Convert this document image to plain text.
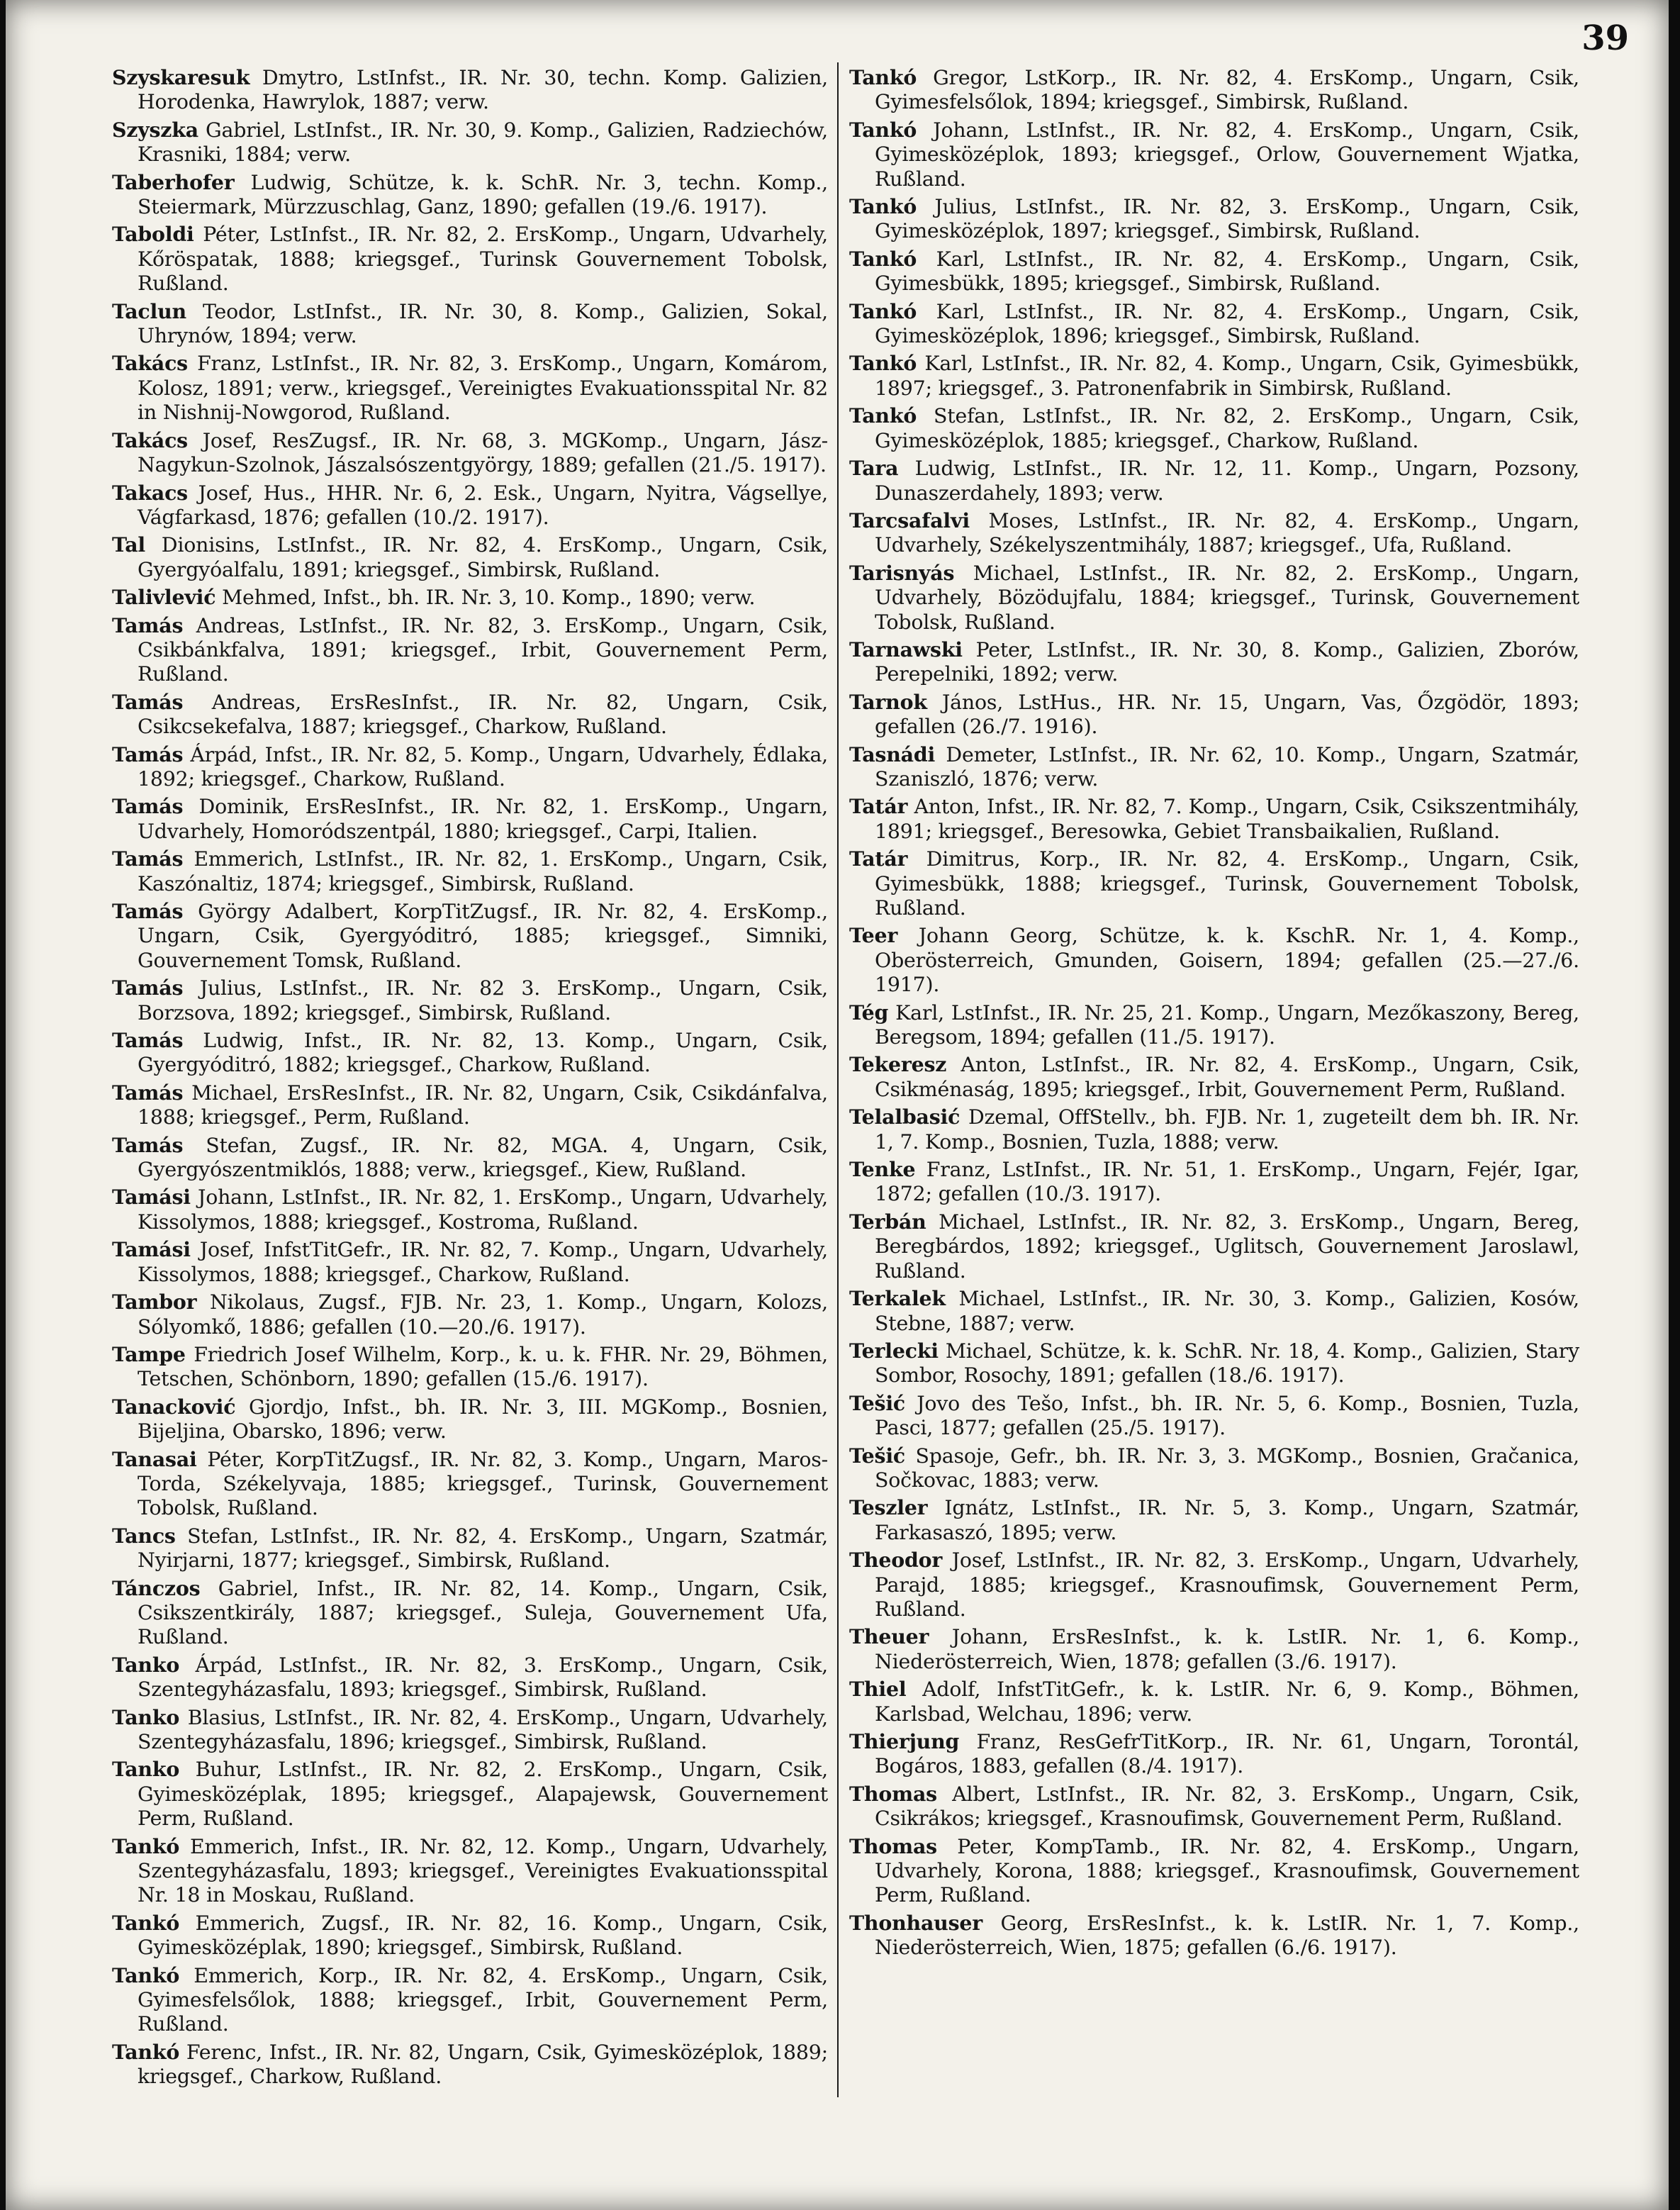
39

Szyskaresuk Dmytro, LstInfst., IR. Nr. 30, techn. Komp. Galizien, Horodenka, Hawrylok, 1887; verw.

Szyszka Gabriel, LstInfst., IR. Nr. 30, 9. Komp., Galizien, Radziechów, Krasniki, 1884; verw.

Taberhofer Ludwig, Schütze, k. k. SchR. Nr. 3, techn. Komp., Steiermark, Mürzzuschlag, Ganz, 1890; gefallen (19./6. 1917).

Taboldi Péter, LstInfst., IR. Nr. 82, 2. ErsKomp., Ungarn, Udvarhely, Kőröspatak, 1888; kriegsgef., Turinsk Gouvernement Tobolsk, Rußland.

Taclun Teodor, LstInfst., IR. Nr. 30, 8. Komp., Galizien, Sokal, Uhrynów, 1894; verw.

Takács Franz, LstInfst., IR. Nr. 82, 3. ErsKomp., Ungarn, Komárom, Kolosz, 1891; verw., kriegsgef., Vereinigtes Evakuationsspital Nr. 82 in Nishnij-Nowgorod, Rußland.

Takács Josef, ResZugsf., IR. Nr. 68, 3. MGKomp., Ungarn, Jász-Nagykun-Szolnok, Jászalsószentgyörgy, 1889; gefallen (21./5. 1917).

Takacs Josef, Hus., HHR. Nr. 6, 2. Esk., Ungarn, Nyitra, Vágsellye, Vágfarkasd, 1876; gefallen (10./2. 1917).

Tal Dionisins, LstInfst., IR. Nr. 82, 4. ErsKomp., Ungarn, Csik, Gyergyóalfalu, 1891; kriegsgef., Simbirsk, Rußland.

Talivlević Mehmed, Infst., bh. IR. Nr. 3, 10. Komp., 1890; verw.

Tamás Andreas, LstInfst., IR. Nr. 82, 3. ErsKomp., Ungarn, Csik, Csikbánkfalva, 1891; kriegsgef., Irbit, Gouvernement Perm, Rußland.

Tamás Andreas, ErsResInfst., IR. Nr. 82, Ungarn, Csik, Csikcsekefalva, 1887; kriegsgef., Charkow, Rußland.

Tamás Árpád, Infst., IR. Nr. 82, 5. Komp., Ungarn, Udvarhely, Édlaka, 1892; kriegsgef., Charkow, Rußland.

Tamás Dominik, ErsResInfst., IR. Nr. 82, 1. ErsKomp., Ungarn, Udvarhely, Homoródszentpál, 1880; kriegsgef., Carpi, Italien.

Tamás Emmerich, LstInfst., IR. Nr. 82, 1. ErsKomp., Ungarn, Csik, Kaszónaltiz, 1874; kriegsgef., Simbirsk, Rußland.

Tamás György Adalbert, KorpTitZugsf., IR. Nr. 82, 4. ErsKomp., Ungarn, Csik, Gyergyóditró, 1885; kriegsgef., Simniki, Gouvernement Tomsk, Rußland.

Tamás Julius, LstInfst., IR. Nr. 82 3. ErsKomp., Ungarn, Csik, Borzsova, 1892; kriegsgef., Simbirsk, Rußland.

Tamás Ludwig, Infst., IR. Nr. 82, 13. Komp., Ungarn, Csik, Gyergyóditró, 1882; kriegsgef., Charkow, Rußland.

Tamás Michael, ErsResInfst., IR. Nr. 82, Ungarn, Csik, Csikdánfalva, 1888; kriegsgef., Perm, Rußland.

Tamás Stefan, Zugsf., IR. Nr. 82, MGA. 4, Ungarn, Csik, Gyergyószentmiklós, 1888; verw., kriegsgef., Kiew, Rußland.

Tamási Johann, LstInfst., IR. Nr. 82, 1. ErsKomp., Ungarn, Udvarhely, Kissolymos, 1888; kriegsgef., Kostroma, Rußland.

Tamási Josef, InfstTitGefr., IR. Nr. 82, 7. Komp., Ungarn, Udvarhely, Kissolymos, 1888; kriegsgef., Charkow, Rußland.

Tambor Nikolaus, Zugsf., FJB. Nr. 23, 1. Komp., Ungarn, Kolozs, Sólyomkő, 1886; gefallen (10.—20./6. 1917).

Tampe Friedrich Josef Wilhelm, Korp., k. u. k. FHR. Nr. 29, Böhmen, Tetschen, Schönborn, 1890; gefallen (15./6. 1917).

Tanacković Gjordjo, Infst., bh. IR. Nr. 3, III. MGKomp., Bosnien, Bijeljina, Obarsko, 1896; verw.

Tanasai Péter, KorpTitZugsf., IR. Nr. 82, 3. Komp., Ungarn, Maros-Torda, Székelyvaja, 1885; kriegsgef., Turinsk, Gouvernement Tobolsk, Rußland.

Tancs Stefan, LstInfst., IR. Nr. 82, 4. ErsKomp., Ungarn, Szatmár, Nyirjarni, 1877; kriegsgef., Simbirsk, Rußland.

Tánczos Gabriel, Infst., IR. Nr. 82, 14. Komp., Ungarn, Csik, Csikszentkirály, 1887; kriegsgef., Suleja, Gouvernement Ufa, Rußland.

Tanko Árpád, LstInfst., IR. Nr. 82, 3. ErsKomp., Ungarn, Csik, Szentegyházasfalu, 1893; kriegsgef., Simbirsk, Rußland.

Tanko Blasius, LstInfst., IR. Nr. 82, 4. ErsKomp., Ungarn, Udvarhely, Szentegyházasfalu, 1896; kriegsgef., Simbirsk, Rußland.

Tanko Buhur, LstInfst., IR. Nr. 82, 2. ErsKomp., Ungarn, Csik, Gyimesközéplak, 1895; kriegsgef., Alapajewsk, Gouvernement Perm, Rußland.

Tankó Emmerich, Infst., IR. Nr. 82, 12. Komp., Ungarn, Udvarhely, Szentegyházasfalu, 1893; kriegsgef., Vereinigtes Evakuationsspital Nr. 18 in Moskau, Rußland.

Tankó Emmerich, Zugsf., IR. Nr. 82, 16. Komp., Ungarn, Csik, Gyimesközéplak, 1890; kriegsgef., Simbirsk, Rußland.

Tankó Emmerich, Korp., IR. Nr. 82, 4. ErsKomp., Ungarn, Csik, Gyimesfelsőlok, 1888; kriegsgef., Irbit, Gouvernement Perm, Rußland.

Tankó Ferenc, Infst., IR. Nr. 82, Ungarn, Csik, Gyimesközéplok, 1889; kriegsgef., Charkow, Rußland.

Tankó Gregor, LstKorp., IR. Nr. 82, 4. ErsKomp., Ungarn, Csik, Gyimesfelsőlok, 1894; kriegsgef., Simbirsk, Rußland.

Tankó Johann, LstInfst., IR. Nr. 82, 4. ErsKomp., Ungarn, Csik, Gyimesközéplok, 1893; kriegsgef., Orlow, Gouvernement Wjatka, Rußland.

Tankó Julius, LstInfst., IR. Nr. 82, 3. ErsKomp., Ungarn, Csik, Gyimesközéplok, 1897; kriegsgef., Simbirsk, Rußland.

Tankó Karl, LstInfst., IR. Nr. 82, 4. ErsKomp., Ungarn, Csik, Gyimesbükk, 1895; kriegsgef., Simbirsk, Rußland.

Tankó Karl, LstInfst., IR. Nr. 82, 4. ErsKomp., Ungarn, Csik, Gyimesközéplok, 1896; kriegsgef., Simbirsk, Rußland.

Tankó Karl, LstInfst., IR. Nr. 82, 4. Komp., Ungarn, Csik, Gyimesbükk, 1897; kriegsgef., 3. Patronenfabrik in Simbirsk, Rußland.

Tankó Stefan, LstInfst., IR. Nr. 82, 2. ErsKomp., Ungarn, Csik, Gyimesközéplok, 1885; kriegsgef., Charkow, Rußland.

Tara Ludwig, LstInfst., IR. Nr. 12, 11. Komp., Ungarn, Pozsony, Dunaszerdahely, 1893; verw.

Tarcsafalvi Moses, LstInfst., IR. Nr. 82, 4. ErsKomp., Ungarn, Udvarhely, Székelyszentmihály, 1887; kriegsgef., Ufa, Rußland.

Tarisnyás Michael, LstInfst., IR. Nr. 82, 2. ErsKomp., Ungarn, Udvarhely, Bözödujfalu, 1884; kriegsgef., Turinsk, Gouvernement Tobolsk, Rußland.

Tarnawski Peter, LstInfst., IR. Nr. 30, 8. Komp., Galizien, Zborów, Perepelniki, 1892; verw.

Tarnok János, LstHus., HR. Nr. 15, Ungarn, Vas, Őzgödör, 1893; gefallen (26./7. 1916).

Tasnádi Demeter, LstInfst., IR. Nr. 62, 10. Komp., Ungarn, Szatmár, Szaniszló, 1876; verw.

Tatár Anton, Infst., IR. Nr. 82, 7. Komp., Ungarn, Csik, Csikszentmihály, 1891; kriegsgef., Beresowka, Gebiet Transbaikalien, Rußland.

Tatár Dimitrus, Korp., IR. Nr. 82, 4. ErsKomp., Ungarn, Csik, Gyimesbükk, 1888; kriegsgef., Turinsk, Gouvernement Tobolsk, Rußland.

Teer Johann Georg, Schütze, k. k. KschR. Nr. 1, 4. Komp., Oberösterreich, Gmunden, Goisern, 1894; gefallen (25.—27./6. 1917).

Tég Karl, LstInfst., IR. Nr. 25, 21. Komp., Ungarn, Mezőkaszony, Bereg, Beregsom, 1894; gefallen (11./5. 1917).

Tekeresz Anton, LstInfst., IR. Nr. 82, 4. ErsKomp., Ungarn, Csik, Csikménaság, 1895; kriegsgef., Irbit, Gouvernement Perm, Rußland.

Telalbasić Dzemal, OffStellv., bh. FJB. Nr. 1, zugeteilt dem bh. IR. Nr. 1, 7. Komp., Bosnien, Tuzla, 1888; verw.

Tenke Franz, LstInfst., IR. Nr. 51, 1. ErsKomp., Ungarn, Fejér, Igar, 1872; gefallen (10./3. 1917).

Terbán Michael, LstInfst., IR. Nr. 82, 3. ErsKomp., Ungarn, Bereg, Beregbárdos, 1892; kriegsgef., Uglitsch, Gouvernement Jaroslawl, Rußland.

Terkalek Michael, LstInfst., IR. Nr. 30, 3. Komp., Galizien, Kosów, Stebne, 1887; verw.

Terlecki Michael, Schütze, k. k. SchR. Nr. 18, 4. Komp., Galizien, Stary Sombor, Rosochy, 1891; gefallen (18./6. 1917).

Tešić Jovo des Tešo, Infst., bh. IR. Nr. 5, 6. Komp., Bosnien, Tuzla, Pasci, 1877; gefallen (25./5. 1917).

Tešić Spasoje, Gefr., bh. IR. Nr. 3, 3. MGKomp., Bosnien, Gračanica, Sočkovac, 1883; verw.

Teszler Ignátz, LstInfst., IR. Nr. 5, 3. Komp., Ungarn, Szatmár, Farkasaszó, 1895; verw.

Theodor Josef, LstInfst., IR. Nr. 82, 3. ErsKomp., Ungarn, Udvarhely, Parajd, 1885; kriegsgef., Krasnoufimsk, Gouvernement Perm, Rußland.

Theuer Johann, ErsResInfst., k. k. LstIR. Nr. 1, 6. Komp., Niederösterreich, Wien, 1878; gefallen (3./6. 1917).

Thiel Adolf, InfstTitGefr., k. k. LstIR. Nr. 6, 9. Komp., Böhmen, Karlsbad, Welchau, 1896; verw.

Thierjung Franz, ResGefrTitKorp., IR. Nr. 61, Ungarn, Torontál, Bogáros, 1883, gefallen (8./4. 1917).

Thomas Albert, LstInfst., IR. Nr. 82, 3. ErsKomp., Ungarn, Csik, Csikrákos; kriegsgef., Krasnoufimsk, Gouvernement Perm, Rußland.

Thomas Peter, KompTamb., IR. Nr. 82, 4. ErsKomp., Ungarn, Udvarhely, Korona, 1888; kriegsgef., Krasnoufimsk, Gouvernement Perm, Rußland.

Thonhauser Georg, ErsResInfst., k. k. LstIR. Nr. 1, 7. Komp., Niederösterreich, Wien, 1875; gefallen (6./6. 1917).
